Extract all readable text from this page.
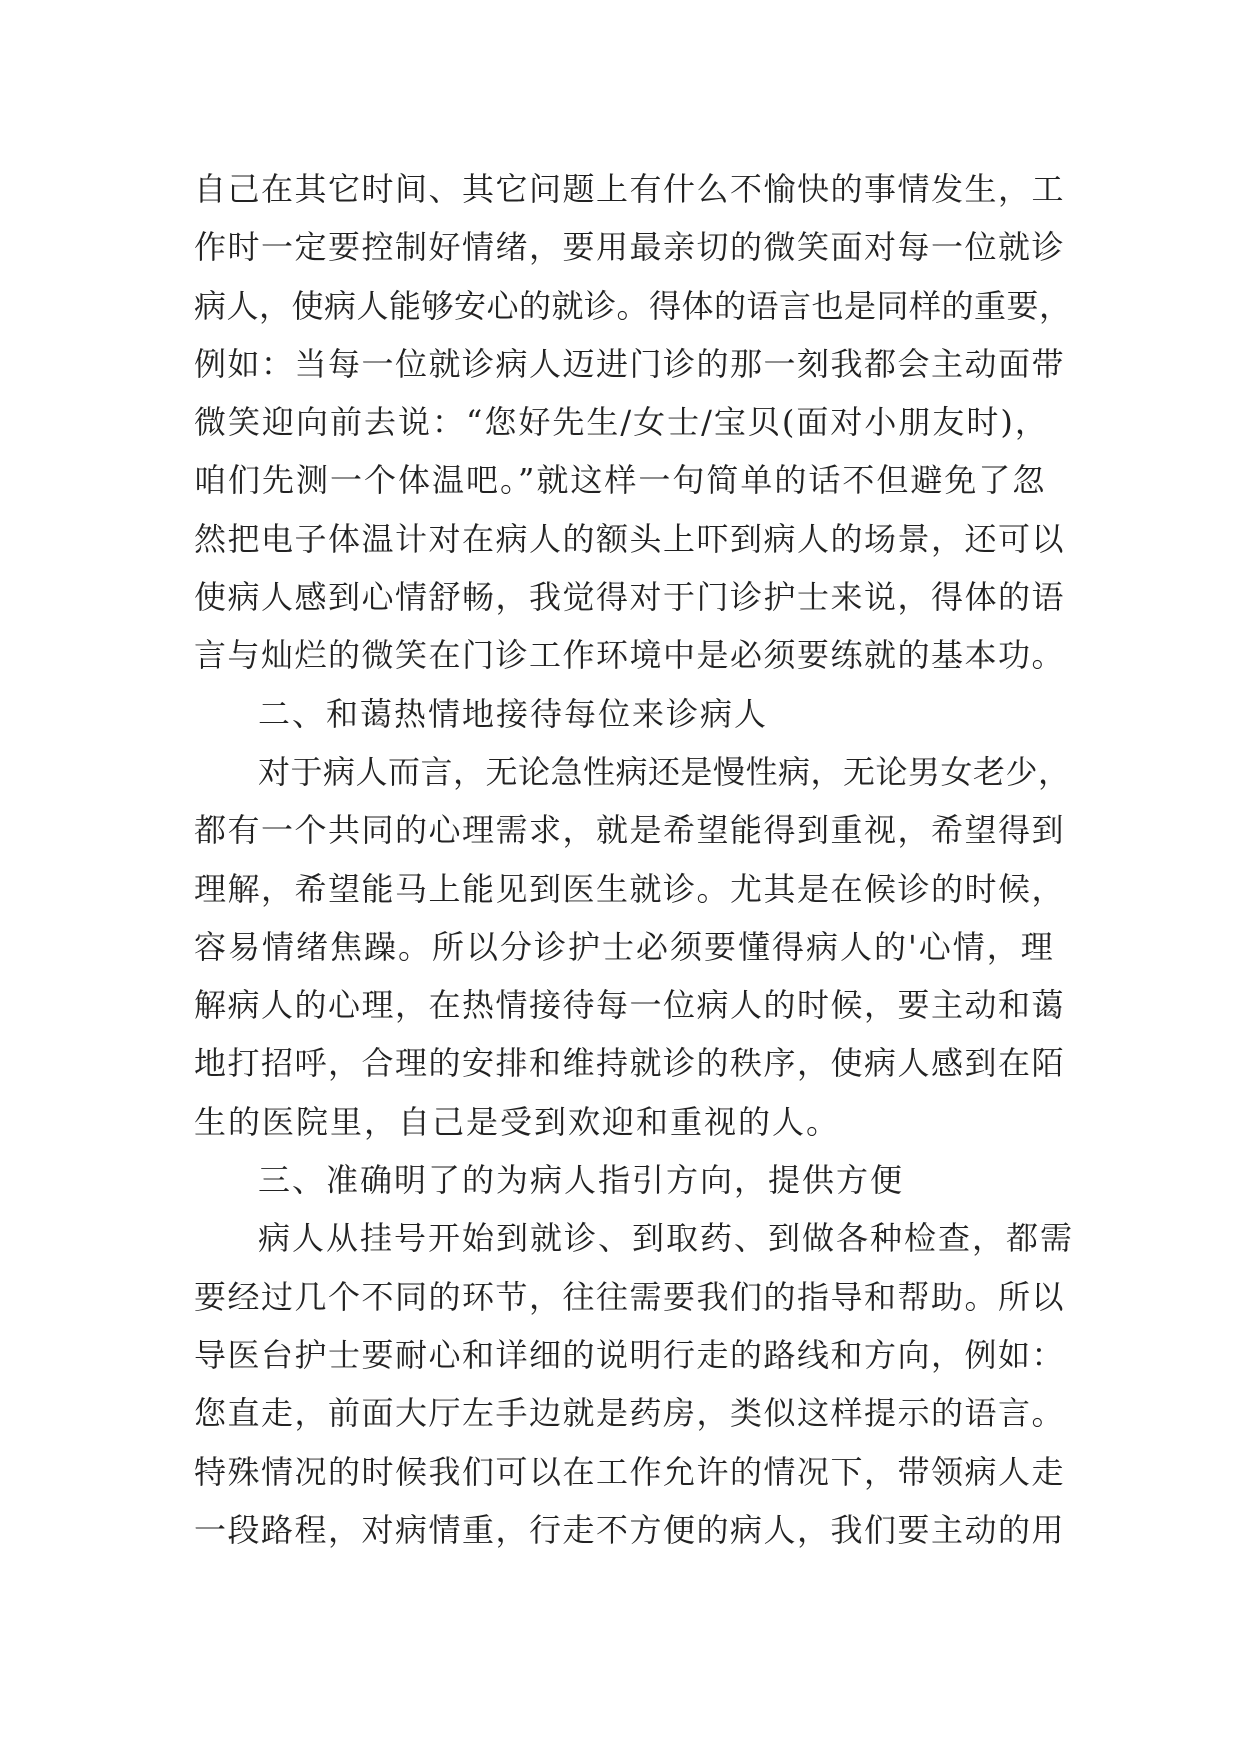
自己在其它时间、其它问题上有什么不愉快的事情发生，工
作时一定要控制好情绪，要用最亲切的微笑面对每一位就诊
病人，使病人能够安心的就诊。得体的语言也是同样的重要，
例如：当每一位就诊病人迈进门诊的那一刻我都会主动面带
微笑迎向前去说：“您好先生/女士/宝贝(面对小朋友时)，
咱们先测一个体温吧。”就这样一句简单的话不但避免了忽
然把电子体温计对在病人的额头上吓到病人的场景，还可以
使病人感到心情舒畅，我觉得对于门诊护士来说，得体的语
言与灿烂的微笑在门诊工作环境中是必须要练就的基本功。
二、和蔼热情地接待每位来诊病人
对于病人而言，无论急性病还是慢性病，无论男女老少，
都有一个共同的心理需求，就是希望能得到重视，希望得到
理解，希望能马上能见到医生就诊。尤其是在候诊的时候，
容易情绪焦躁。所以分诊护士必须要懂得病人的'心情，理
解病人的心理，在热情接待每一位病人的时候，要主动和蔼
地打招呼，合理的安排和维持就诊的秩序，使病人感到在陌
生的医院里，自己是受到欢迎和重视的人。
三、准确明了的为病人指引方向，提供方便
病人从挂号开始到就诊、到取药、到做各种检查，都需
要经过几个不同的环节，往往需要我们的指导和帮助。所以
导医台护士要耐心和详细的说明行走的路线和方向，例如：
您直走，前面大厅左手边就是药房，类似这样提示的语言。
特殊情况的时候我们可以在工作允许的情况下，带领病人走
一段路程，对病情重，行走不方便的病人，我们要主动的用
